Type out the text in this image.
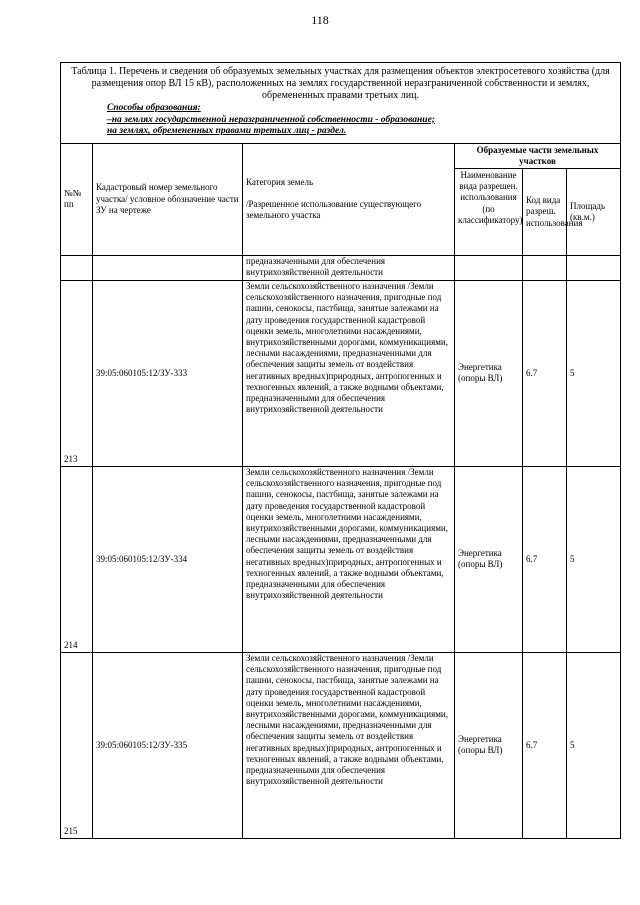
118
Таблица 1. Перечень и сведения об образуемых земельных участках для размещения объектов электросетевого хозяйства (для размещения опор ВЛ 15 кВ), расположенных на землях государственной неразграниченной собственности и землях, обремененных правами третьих лиц.
Способы образования:
–на землях государственной неразграниченной собственности - образование;
на землях, обремененных правами третьих лиц - раздел.					

№№ пп	Кадастровый номер земельного участка/ условное обозначение части ЗУ на чертеже	Категория земель
/Разрешенное использование существующего земельного участка	Образуемые части земельных участков		
			Наименование вида разрешен. использования (по классификатору)	Код вида разреш. использования	Площадь (кв.м.)
		предназначенными для обеспечения внутрихозяйственной деятельности			
213	39:05:060105:12/ЗУ-333	Земли сельскохозяйственного назначения /Земли сельскохозяйственного назначения, пригодные под пашни, сенокосы, пастбища, занятые залежами на дату проведения государственной кадастровой оценки земель, многолетними насаждениями, внутрихозяйственными дорогами, коммуникациями, лесными насаждениями, предназначенными для обеспечения защиты земель от воздействия негативных вредных)природных, антропогенных и техногенных явлений, а также водными объектами, предназначенными для обеспечения внутрихозяйственной деятельности	Энергетика (опоры ВЛ)	6.7	5
214	39:05:060105:12/ЗУ-334	Земли сельскохозяйственного назначения /Земли сельскохозяйственного назначения, пригодные под пашни, сенокосы, пастбища, занятые залежами на дату проведения государственной кадастровой оценки земель, многолетними насаждениями, внутрихозяйственными дорогами, коммуникациями, лесными насаждениями, предназначенными для обеспечения защиты земель от воздействия негативных вредных)природных, антропогенных и техногенных явлений, а также водными объектами, предназначенными для обеспечения внутрихозяйственной деятельности	Энергетика (опоры ВЛ)	6.7	5
215	39:05:060105:12/ЗУ-335	Земли сельскохозяйственного назначения /Земли сельскохозяйственного назначения, пригодные под пашни, сенокосы, пастбища, занятые залежами на дату проведения государственной кадастровой оценки земель, многолетними насаждениями, внутрихозяйственными дорогами, коммуникациями, лесными насаждениями, предназначенными для обеспечения защиты земель от воздействия негативных вредных)природных, антропогенных и техногенных явлений, а также водными объектами, предназначенными для обеспечения внутрихозяйственной деятельности	Энергетика (опоры ВЛ)	6.7	5
